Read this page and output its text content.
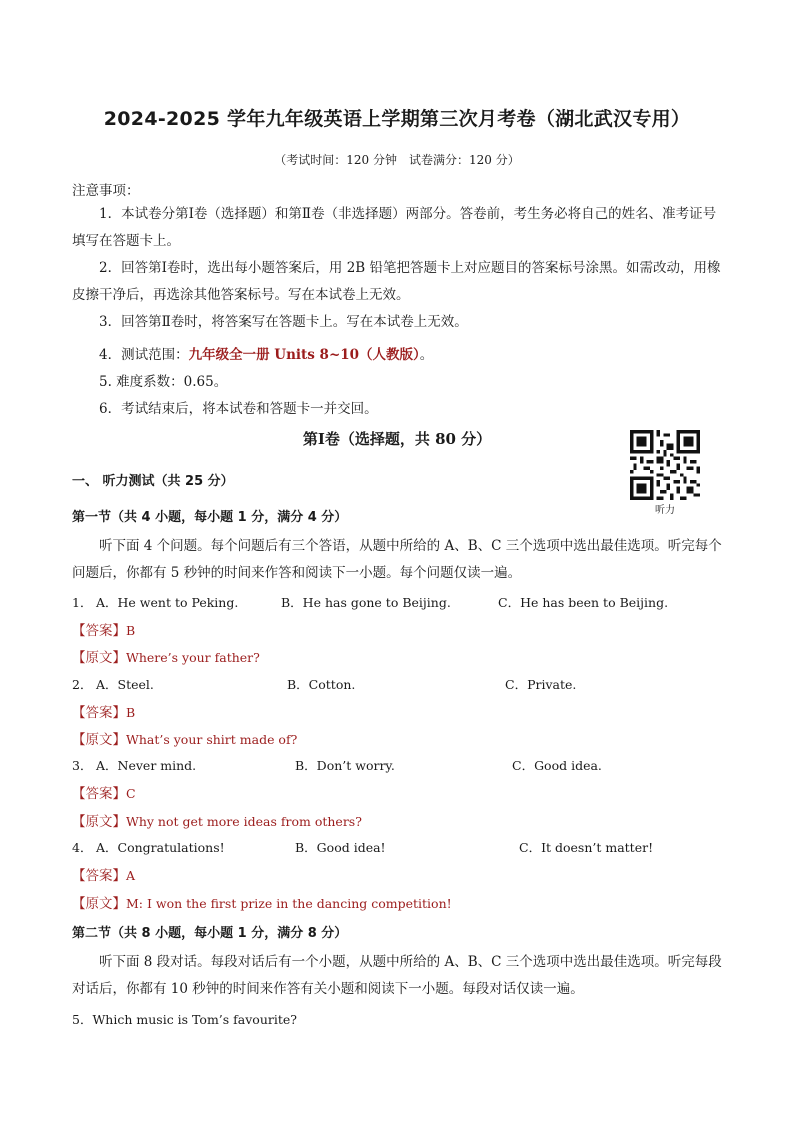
2024-2025 学年九年级英语上学期第三次月考卷（湖北武汉专用）
（考试时间：120 分钟　试卷满分：120 分）
注意事项：
1．本试卷分第Ⅰ卷（选择题）和第Ⅱ卷（非选择题）两部分。答卷前，考生务必将自己的姓名、准考证号填写在答题卡上。
2．回答第Ⅰ卷时，选出每小题答案后，用 2B 铅笔把答题卡上对应题目的答案标号涂黑。如需改动，用橡皮擦干净后，再选涂其他答案标号。写在本试卷上无效。
3．回答第Ⅱ卷时，将答案写在答题卡上。写在本试卷上无效。
4．测试范围：九年级全一册 Units 8~10（人教版）。
5. 难度系数：0.65。
6．考试结束后，将本试卷和答题卡一并交回。
第Ⅰ卷（选择题，共 80 分）
听力
一、 听力测试（共 25 分）
第一节（共 4 小题，每小题 1 分，满分 4 分）
听下面 4 个问题。每个问题后有三个答语，从题中所给的 A、B、C 三个选项中选出最佳选项。听完每个问题后，你都有 5 秒钟的时间来作答和阅读下一小题。每个问题仅读一遍。
1． A．He went to Peking.	B．He has gone to Beijing.	C．He has been to Beijing.
【答案】B
【原文】Where’s your father?
2． A．Steel.	B．Cotton.	C．Private.
【答案】B
【原文】What’s your shirt made of?
3． A．Never mind.	B．Don’t worry.	C．Good idea.
【答案】C
【原文】Why not get more ideas from others?
4． A．Congratulations!	B．Good idea!	C．It doesn’t matter!
【答案】A
【原文】M: I won the first prize in the dancing competition!
第二节（共 8 小题，每小题 1 分，满分 8 分）
听下面 8 段对话。每段对话后有一个小题，从题中所给的 A、B、C 三个选项中选出最佳选项。听完每段对话后，你都有 10 秒钟的时间来作答有关小题和阅读下一小题。每段对话仅读一遍。
5．Which music is Tom’s favourite?
